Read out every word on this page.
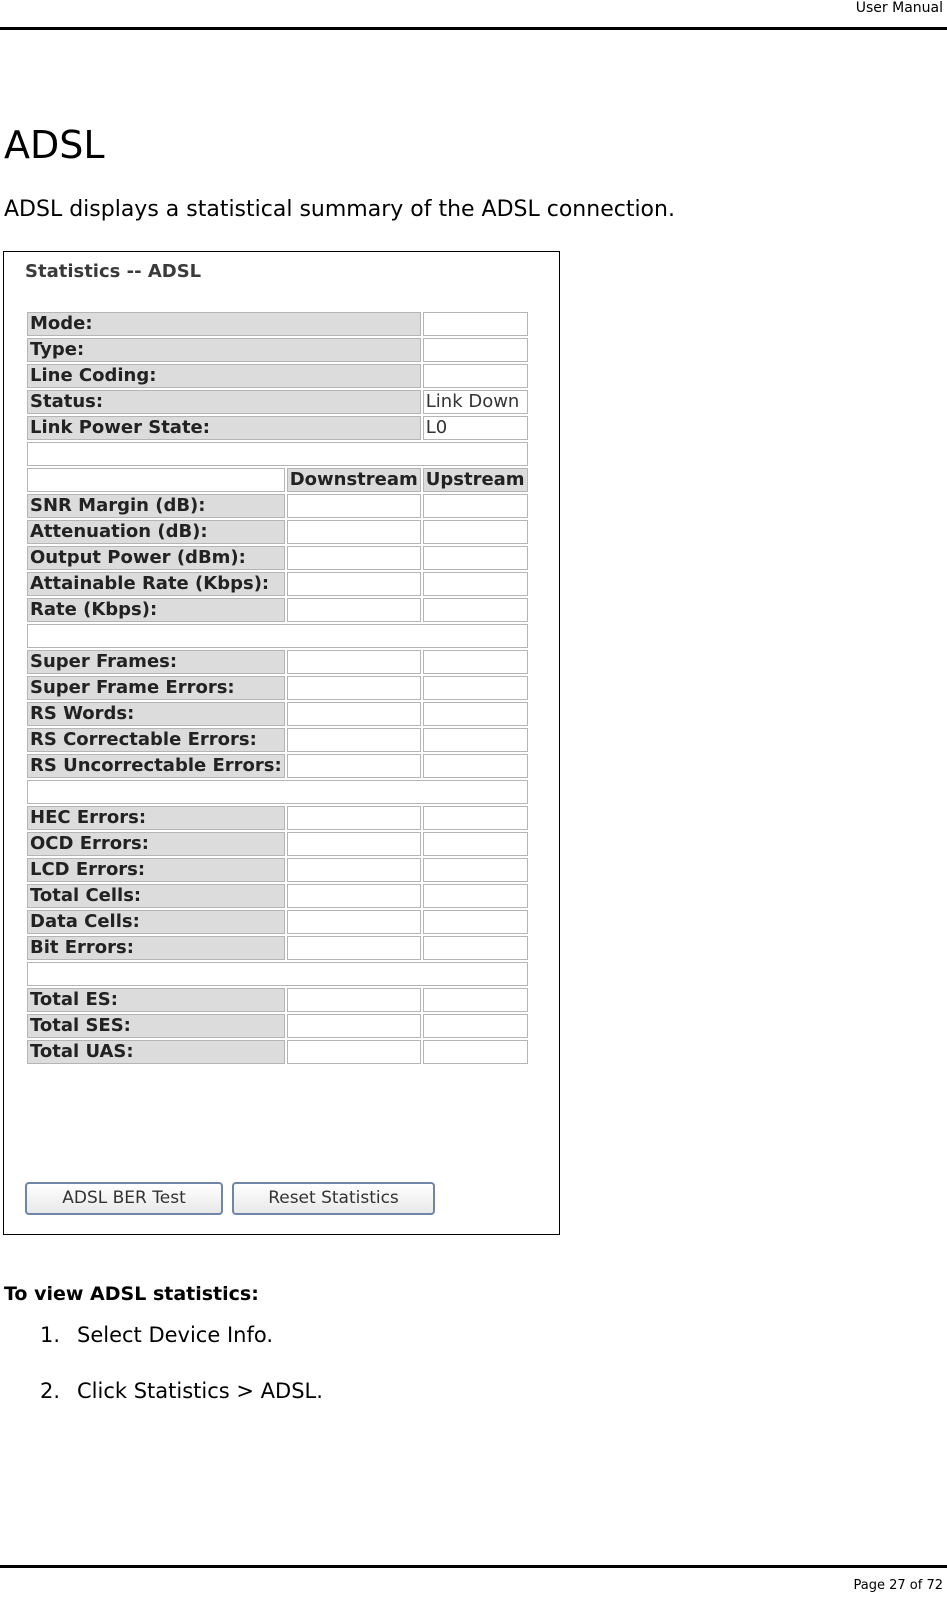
User Manual
ADSL

ADSL displays a statistical summary of the ADSL connection.

Statistics -- ADSL
Mode:		
Type:		
Line Coding:		
Status:		Link Down
Link Power State:		L0

	Downstream	Upstream
SNR Margin (dB):		
Attenuation (dB):		
Output Power (dBm):		
Attainable Rate (Kbps):		
Rate (Kbps):		

Super Frames:		
Super Frame Errors:		
RS Words:		
RS Correctable Errors:		
RS Uncorrectable Errors:		

HEC Errors:		
OCD Errors:		
LCD Errors:		
Total Cells:		
Data Cells:		
Bit Errors:		

Total ES:		
Total SES:		
Total UAS:		
ADSL BER Test	Reset Statistics

To view ADSL statistics:

1. Select Device Info.

2. Click Statistics > ADSL.

Page 27 of 72
